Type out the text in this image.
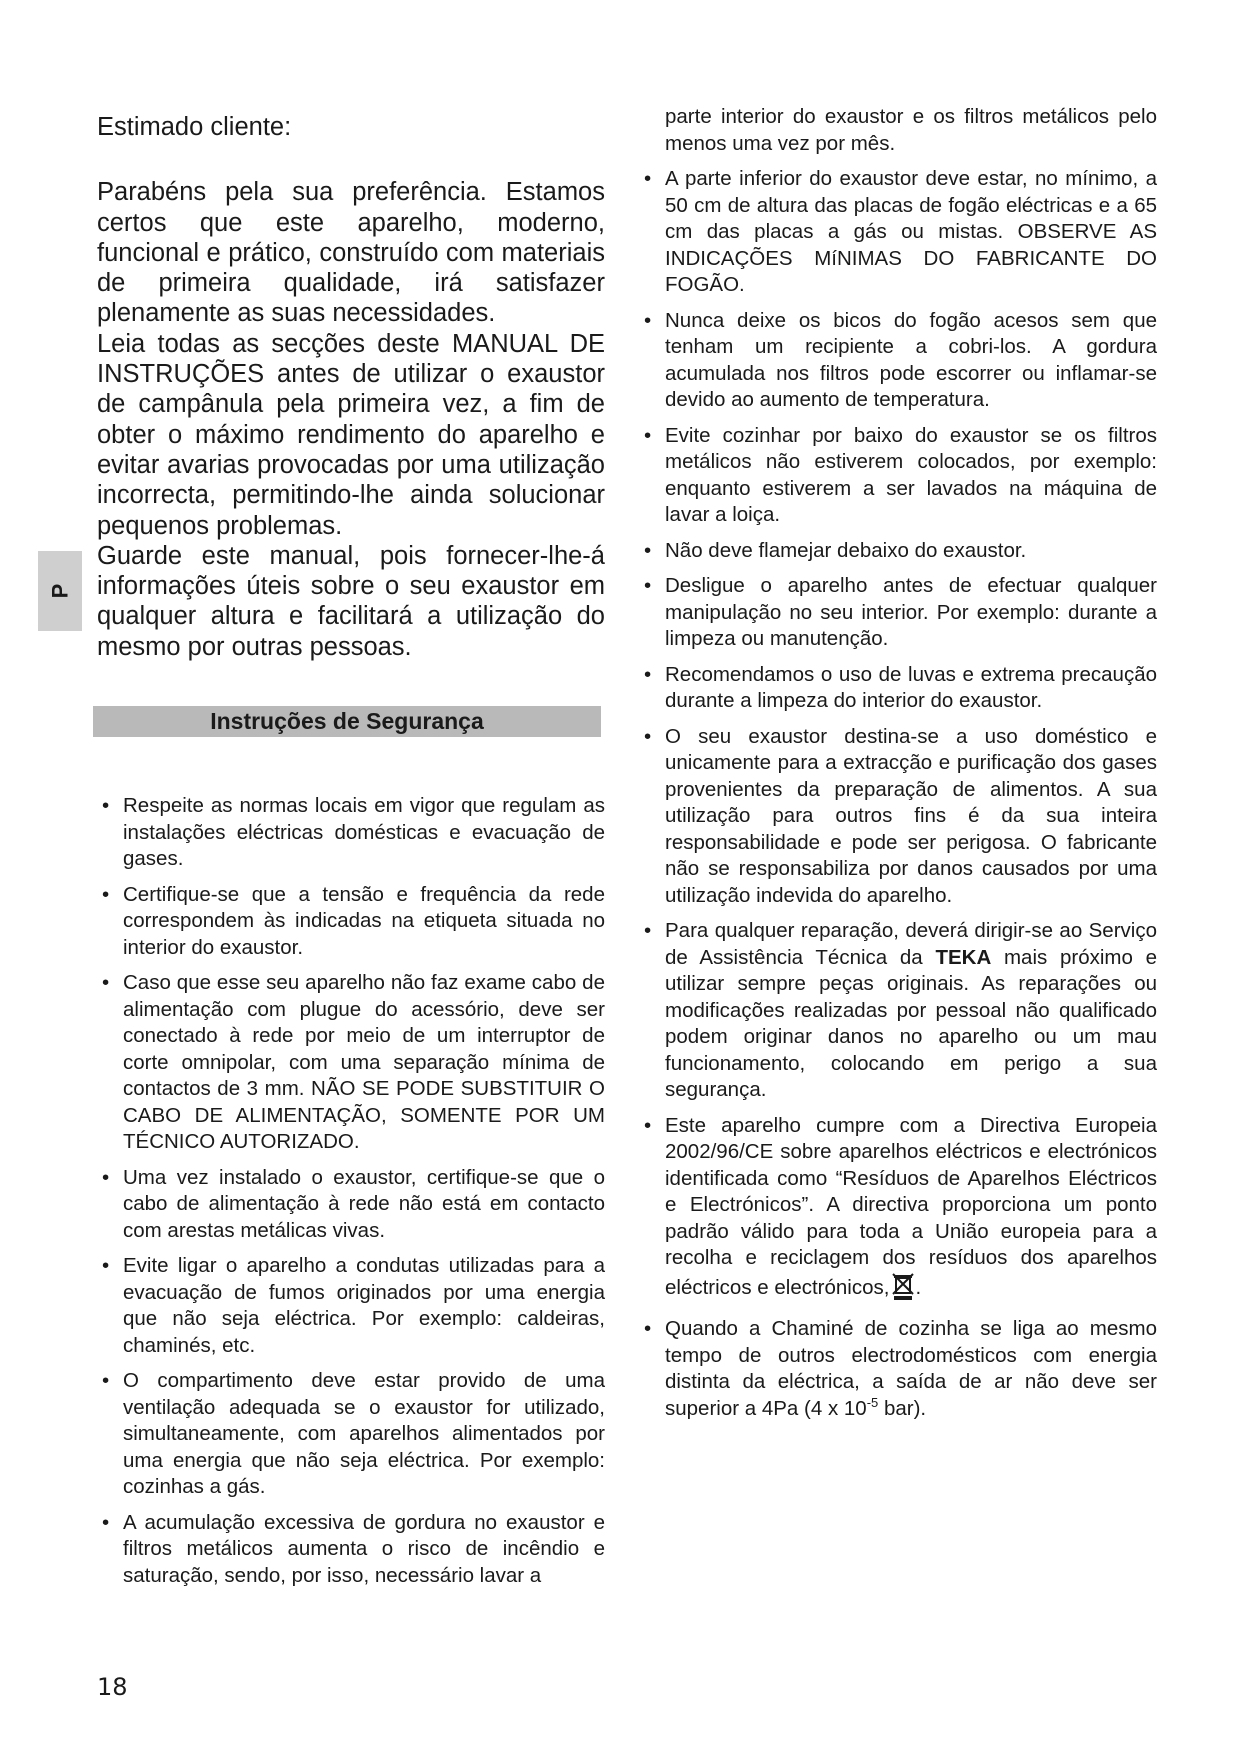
P

Estimado cliente:

Parabéns pela sua preferência. Estamos certos que este aparelho, moderno, funcional e prático, construído com materiais de primeira qualidade, irá satisfazer plenamente as suas necessidades.

Leia todas as secções deste MANUAL DE INSTRUÇÕES antes de utilizar o exaustor de campânula pela primeira vez, a fim de obter o máximo rendimento do aparelho e evitar avarias provocadas por uma utilização incorrecta, permitindo-lhe ainda solucionar pequenos problemas.

Guarde este manual, pois fornecer-lhe-á informações úteis sobre o seu exaustor em qualquer altura e facilitará a utilização do mesmo por outras pessoas.

Instruções de Segurança
• Respeite as normas locais em vigor que regulam as instalações eléctricas domésticas e evacuação de gases.
• Certifique-se que a tensão e frequência da rede correspondem às indicadas na etiqueta situada no interior do exaustor.
• Caso que esse seu aparelho não faz exame cabo de alimentação com plugue do acessório, deve ser conectado à rede por meio de um interruptor de corte omnipolar, com uma separação mínima de contactos de 3 mm. NÃO SE PODE SUBSTITUIR O CABO DE ALIMENTAÇÃO, SOMENTE POR UM TÉCNICO AUTORIZADO.
• Uma vez instalado o exaustor, certifique-se que o cabo de alimentação à rede não está em contacto com arestas metálicas vivas.
• Evite ligar o aparelho a condutas utilizadas para a evacuação de fumos originados por uma energia que não seja eléctrica. Por exemplo: caldeiras, chaminés, etc.
• O compartimento deve estar provido de uma ventilação adequada se o exaustor for utilizado, simultaneamente, com aparelhos alimentados por uma energia que não seja eléctrica. Por exemplo: cozinhas a gás.
• A acumulação excessiva de gordura no exaustor e filtros metálicos aumenta o risco de incêndio e saturação, sendo, por isso, necessário lavar a

parte interior do exaustor e os filtros metálicos pelo menos uma vez por mês.

• A parte inferior do exaustor deve estar, no mínimo, a 50 cm de altura das placas de fogão eléctricas e a 65 cm das placas a gás ou mistas. OBSERVE AS INDICAÇÕES MíNIMAS DO FABRICANTE DO FOGÃO.
• Nunca deixe os bicos do fogão acesos sem que tenham um recipiente a cobri-los. A gordura acumulada nos filtros pode escorrer ou inflamar-se devido ao aumento de temperatura.
• Evite cozinhar por baixo do exaustor se os filtros metálicos não estiverem colocados, por exemplo: enquanto estiverem a ser lavados na máquina de lavar a loiça.
• Não deve flamejar debaixo do exaustor.
• Desligue o aparelho antes de efectuar qualquer manipulação no seu interior. Por exemplo: durante a limpeza ou manutenção.
• Recomendamos o uso de luvas e extrema precaução durante a limpeza do interior do exaustor.
• O seu exaustor destina-se a uso doméstico e unicamente para a extracção e purificação dos gases provenientes da preparação de alimentos. A sua utilização para outros fins é da sua inteira responsabilidade e pode ser perigosa. O fabricante não se responsabiliza por danos causados por uma utilização indevida do aparelho.
• Para qualquer reparação, deverá dirigir-se ao Serviço de Assistência Técnica da TEKA mais próximo e utilizar sempre peças originais. As reparações ou modificações realizadas por pessoal não qualificado podem originar danos no aparelho ou um mau funcionamento, colocando em perigo a sua segurança.
• Este aparelho cumpre com a Directiva Europeia 2002/96/CE sobre aparelhos eléctricos e electrónicos identificada como “Resíduos de Aparelhos Eléctricos e Electrónicos”. A directiva proporciona um ponto padrão válido para toda a União europeia para a recolha e reciclagem dos resíduos dos aparelhos eléctricos e electrónicos, .
• Quando a Chaminé de cozinha se liga ao mesmo tempo de outros electrodomésticos com energia distinta da eléctrica, a saída de ar não deve ser superior a 4Pa (4 x $10^{-5}$ bar).
18
